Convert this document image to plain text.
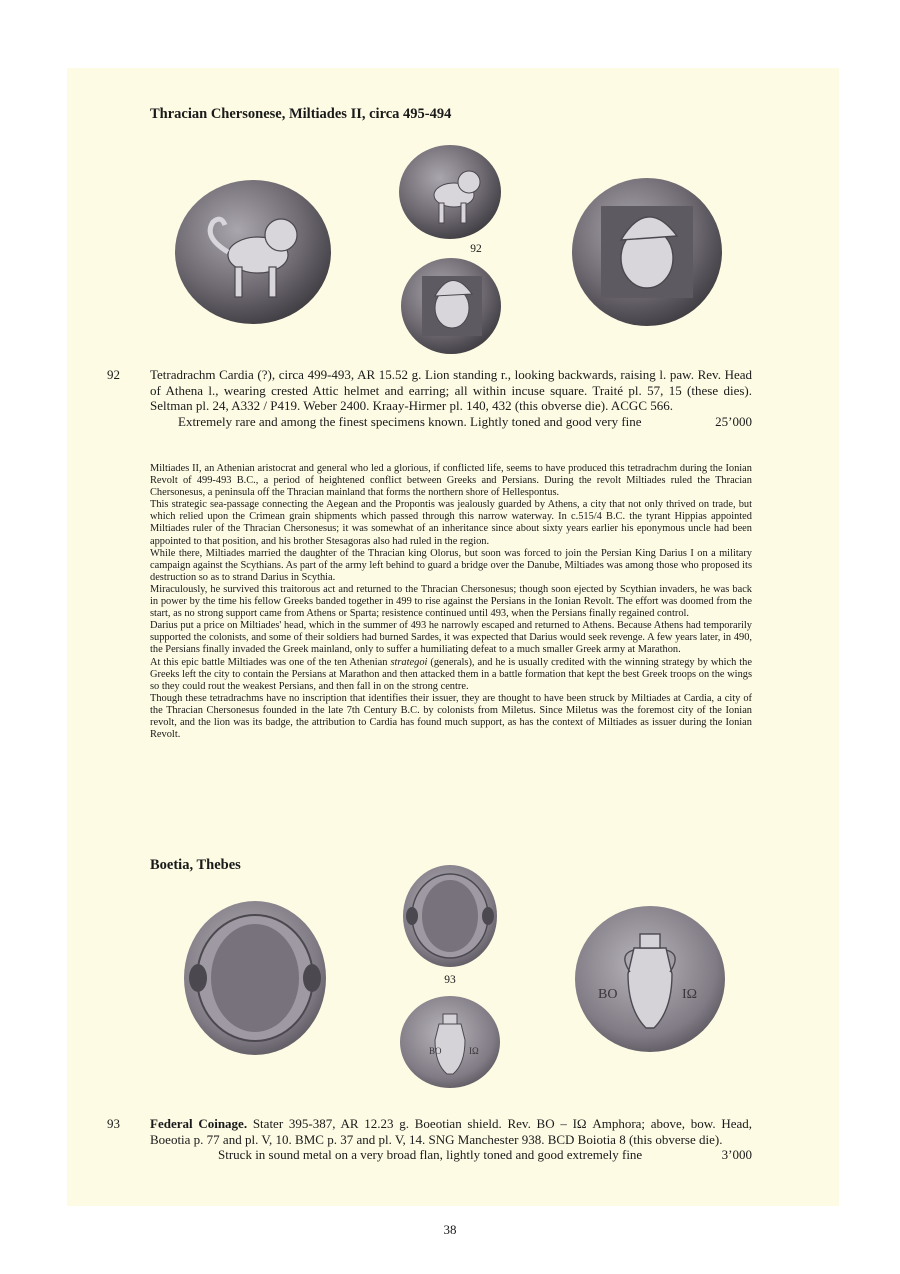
Thracian Chersonese, Miltiades II, circa 495-494
92
92 Tetradrachm Cardia (?), circa 499-493, AR 15.52 g. Lion standing r., looking backwards, raising l. paw. Rev. Head of Athena l., wearing crested Attic helmet and earring; all within incuse square. Traité pl. 57, 15 (these dies). Seltman pl. 24, A332 / P419. Weber 2400. Kraay-Hirmer pl. 140, 432 (this obverse die). ACGC 566.
Extremely rare and among the finest specimens known. Lightly toned and good very fine	25’000

Miltiades II, an Athenian aristocrat and general who led a glorious, if conflicted life, seems to have produced this tetradrachm during the Ionian Revolt of 499-493 B.C., a period of heightened conflict between Greeks and Persians. During the revolt Miltiades ruled the Thracian Chersonesus, a peninsula off the Thracian mainland that forms the northern shore of Hellespontus.

This strategic sea-passage connecting the Aegean and the Propontis was jealously guarded by Athens, a city that not only thrived on trade, but which relied upon the Crimean grain shipments which passed through this narrow waterway. In c.515/4 B.C. the tyrant Hippias appointed Miltiades ruler of the Thracian Chersonesus; it was somewhat of an inheritance since about sixty years earlier his eponymous uncle had been appointed to that position, and his brother Stesagoras also had ruled in the region.

While there, Miltiades married the daughter of the Thracian king Olorus, but soon was forced to join the Persian King Darius I on a military campaign against the Scythians. As part of the army left behind to guard a bridge over the Danube, Miltiades was among those who proposed its destruction so as to strand Darius in Scythia.

Miraculously, he survived this traitorous act and returned to the Thracian Chersonesus; though soon ejected by Scythian invaders, he was back in power by the time his fellow Greeks banded together in 499 to rise against the Persians in the Ionian Revolt. The effort was doomed from the start, as no strong support came from Athens or Sparta; resistence continued until 493, when the Persians finally regained control.

Darius put a price on Miltiades' head, which in the summer of 493 he narrowly escaped and returned to Athens. Because Athens had temporarily supported the colonists, and some of their soldiers had burned Sardes, it was expected that Darius would seek revenge. A few years later, in 490, the Persians finally invaded the Greek mainland, only to suffer a humiliating defeat to a much smaller Greek army at Marathon.

At this epic battle Miltiades was one of the ten Athenian strategoi (generals), and he is usually credited with the winning strategy by which the Greeks left the city to contain the Persians at Marathon and then attacked them in a battle formation that kept the best Greek troops on the wings so they could rout the weakest Persians, and then fall in on the strong centre.

Though these tetradrachms have no inscription that identifies their issuer, they are thought to have been struck by Miltiades at Cardia, a city of the Thracian Chersonesus founded in the late 7th Century B.C. by colonists from Miletus. Since Miletus was the foremost city of the Ionian revolt, and the lion was its badge, the attribution to Cardia has found much support, as has the context of Miltiades as issuer during the Ionian Revolt.

Boetia, Thebes
93
BO	IΩ
BO	IΩ
93 Federal Coinage. Stater 395-387, AR 12.23 g. Boeotian shield. Rev. BO – IΩ Amphora; above, bow. Head, Boeotia p. 77 and pl. V, 10. BMC p. 37 and pl. V, 14. SNG Manchester 938. BCD Boiotia 8 (this obverse die).
Struck in sound metal on a very broad flan, lightly toned and good extremely fine	3’000
38
